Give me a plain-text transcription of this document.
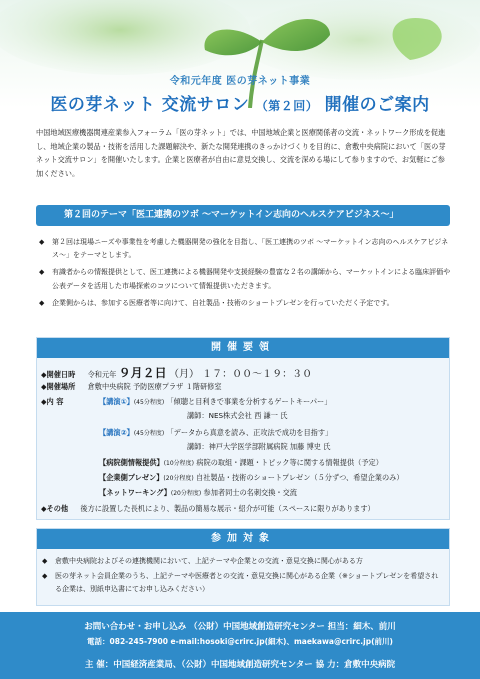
令和元年度 医の芽ネット事業
医の芽ネット 交流サロン （第２回） 開催のご案内
中国地域医療機器関連産業参入フォーラム「医の芽ネット」では、中国地域企業と医療関係者の交流・ネットワーク形成を促進し、地域企業の製品・技術を活用した課題解決や、新たな開発連携のきっかけづくりを目的に、倉敷中央病院において「医の芽ネット交流サロン」を開催いたします。企業と医療者が自由に意見交換し、交流を深める場にして参りますので、お気軽にご参加ください。
第２回のテーマ「医工連携のツボ ～マーケットイン志向のヘルスケアビジネス～」
◆ 第２回は現場ニーズや事業性を考慮した機器開発の強化を目指し、「医工連携のツボ ～マーケットイン志向のヘルスケアビジネス～」をテーマとします。
◆ 有識者からの情報提供として、医工連携による機器開発や支援経験の豊富な２名の講師から、マーケットインによる臨床評価や公表データを活用した市場探索のコツについて情報提供いただきます。
◆ 企業側からは、参加する医療者等に向けて、自社製品・技術のショートプレゼンを行っていただく予定です。
開催要領
◆開催日時 令和元年 ９月２日 （月） １７：００～１９：３０
◆開催場所 倉敷中央病院 予防医療プラザ １階研修室
◆内 容	【講演①】(45分程度) 「傾聴と目利きで事業を分析するゲートキーパー」
講師：NES株式会社 西 謙一 氏
【講演②】(45分程度) 「データから真意を読み、正攻法で成功を目指す」
講師：神戸大学医学部附属病院 加藤 博史 氏
【病院側情報提供】(10分程度) 病院の取組・課題・トピック等に関する情報提供（予定）
【企業側プレゼン】(20分程度) 自社製品・技術のショートプレゼン（５分ずつ、希望企業のみ）
【ネットワーキング】(20分程度) 参加者同士の名刺交換・交流
◆その他 後方に設置した長机により、製品の簡易な展示・紹介が可能（スペースに限りがあります）
参加対象
◆ 倉敷中央病院およびその連携機関において、上記テーマや企業との交流・意見交換に関心がある方
◆ 医の芽ネット会員企業のうち、上記テーマや医療者との交流・意見交換に関心がある企業（※ショートプレゼンを希望される企業は、別紙申込書にてお申し込みください）
お問い合わせ・お申し込み （公財）中国地域創造研究センター 担当：細木、前川
電話：082-245-7900 e-mail:hosoki@crirc.jp(細木)、maekawa@crirc.jp(前川)
主 催：中国経済産業局、（公財）中国地域創造研究センター 協 力：倉敷中央病院
